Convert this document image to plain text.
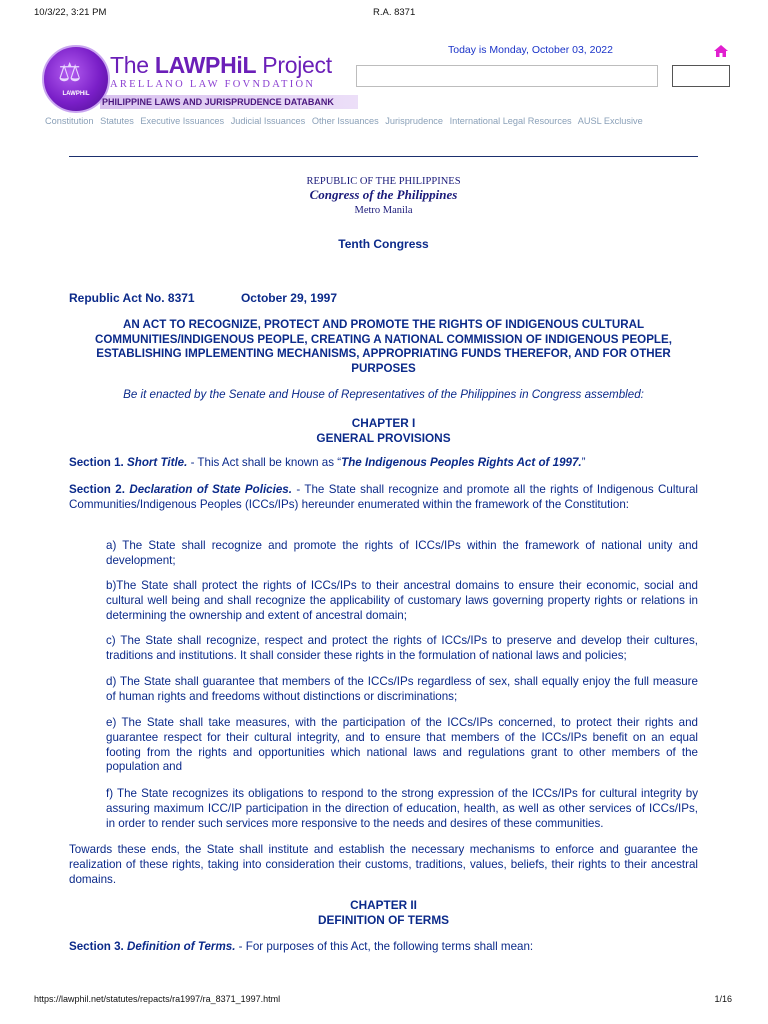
10/3/22, 3:21 PM	R.A. 8371
⚖
LAWPHiL
The LAWPHiL Project
ARELLANO LAW FOVNDATION
PHILIPPINE LAWS AND JURISPRUDENCE DATABANK
Today is Monday, October 03, 2022
Constitution Statutes Executive Issuances Judicial Issuances Other Issuances Jurisprudence International Legal Resources AUSL Exclusive
REPUBLIC OF THE PHILIPPINES
Congress of the Philippines
Metro Manila
Tenth Congress
Republic Act No. 8371	October 29, 1997
AN ACT TO RECOGNIZE, PROTECT AND PROMOTE THE RIGHTS OF INDIGENOUS CULTURAL COMMUNITIES/INDIGENOUS PEOPLE, CREATING A NATIONAL COMMISSION OF INDIGENOUS PEOPLE, ESTABLISHING IMPLEMENTING MECHANISMS, APPROPRIATING FUNDS THEREFOR, AND FOR OTHER PURPOSES
Be it enacted by the Senate and House of Representatives of the Philippines in Congress assembled:
CHAPTER I
GENERAL PROVISIONS
Section 1. Short Title. - This Act shall be known as “The Indigenous Peoples Rights Act of 1997.”
Section 2. Declaration of State Policies. - The State shall recognize and promote all the rights of Indigenous Cultural Communities/Indigenous Peoples (ICCs/IPs) hereunder enumerated within the framework of the Constitution:
a) The State shall recognize and promote the rights of ICCs/IPs within the framework of national unity and development;
b)The State shall protect the rights of ICCs/IPs to their ancestral domains to ensure their economic, social and cultural well being and shall recognize the applicability of customary laws governing property rights or relations in determining the ownership and extent of ancestral domain;
c) The State shall recognize, respect and protect the rights of ICCs/IPs to preserve and develop their cultures, traditions and institutions. It shall consider these rights in the formulation of national laws and policies;
d) The State shall guarantee that members of the ICCs/IPs regardless of sex, shall equally enjoy the full measure of human rights and freedoms without distinctions or discriminations;
e) The State shall take measures, with the participation of the ICCs/IPs concerned, to protect their rights and guarantee respect for their cultural integrity, and to ensure that members of the ICCs/IPs benefit on an equal footing from the rights and opportunities which national laws and regulations grant to other members of the population and
f) The State recognizes its obligations to respond to the strong expression of the ICCs/IPs for cultural integrity by assuring maximum ICC/IP participation in the direction of education, health, as well as other services of ICCs/IPs, in order to render such services more responsive to the needs and desires of these communities.
Towards these ends, the State shall institute and establish the necessary mechanisms to enforce and guarantee the realization of these rights, taking into consideration their customs, traditions, values, beliefs, their rights to their ancestral domains.
CHAPTER II
DEFINITION OF TERMS
Section 3. Definition of Terms. - For purposes of this Act, the following terms shall mean:
https://lawphil.net/statutes/repacts/ra1997/ra_8371_1997.html	1/16
